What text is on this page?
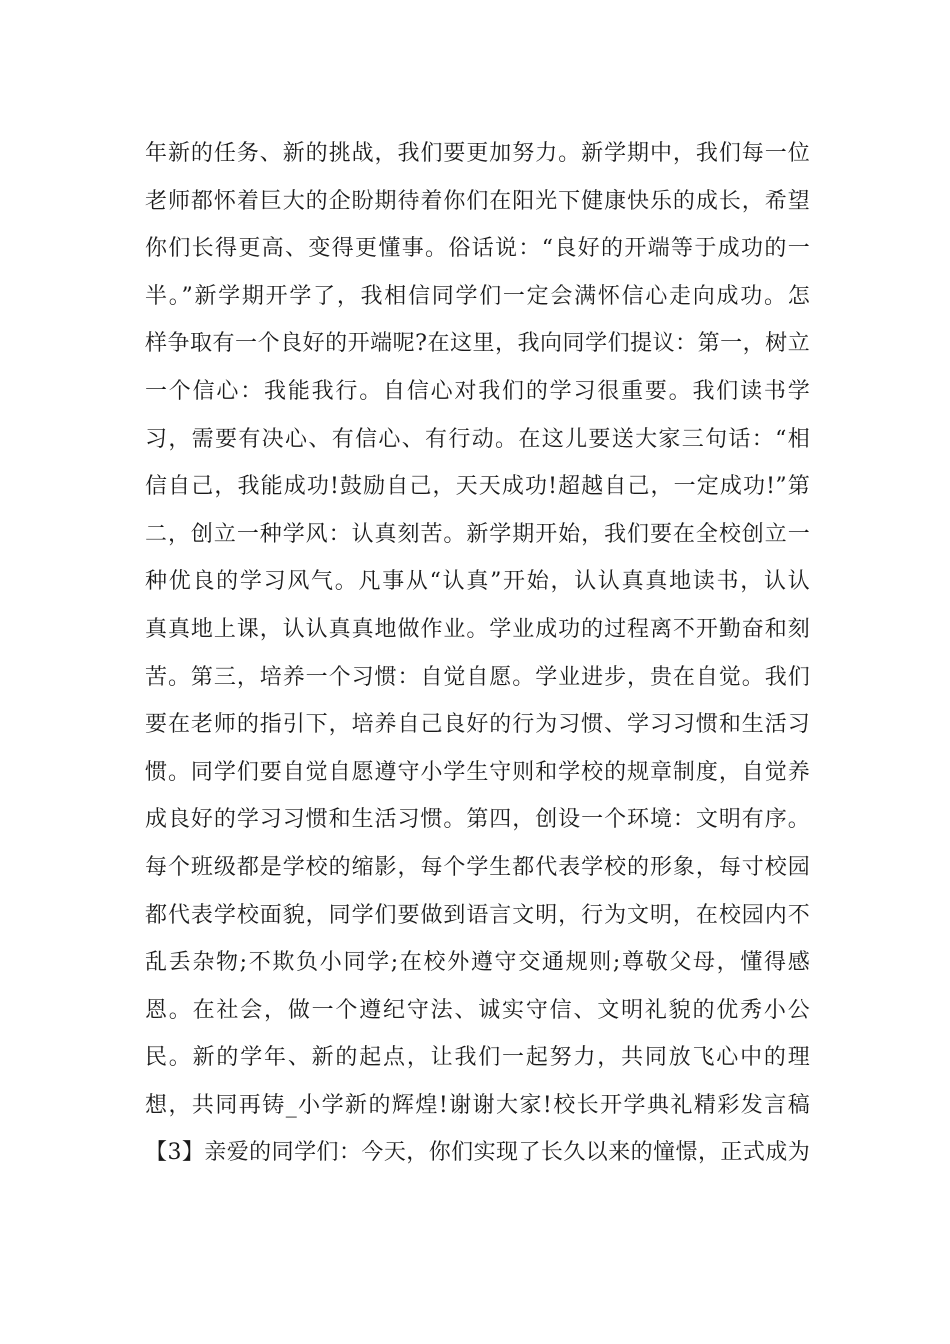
年新的任务、新的挑战，我们要更加努力。新学期中，我们每一位
老师都怀着巨大的企盼期待着你们在阳光下健康快乐的成长，希望
你们长得更高、变得更懂事。俗话说：“良好的开端等于成功的一
半。”新学期开学了，我相信同学们一定会满怀信心走向成功。怎
样争取有一个良好的开端呢?在这里，我向同学们提议：第一，树立
一个信心：我能我行。自信心对我们的学习很重要。我们读书学
习，需要有决心、有信心、有行动。在这儿要送大家三句话：“相
信自己，我能成功!鼓励自己，天天成功!超越自己，一定成功!”第
二，创立一种学风：认真刻苦。新学期开始，我们要在全校创立一
种优良的学习风气。凡事从“认真”开始，认认真真地读书，认认
真真地上课，认认真真地做作业。学业成功的过程离不开勤奋和刻
苦。第三，培养一个习惯：自觉自愿。学业进步，贵在自觉。我们
要在老师的指引下，培养自己良好的行为习惯、学习习惯和生活习
惯。同学们要自觉自愿遵守小学生守则和学校的规章制度，自觉养
成良好的学习习惯和生活习惯。第四，创设一个环境：文明有序。
每个班级都是学校的缩影，每个学生都代表学校的形象，每寸校园
都代表学校面貌，同学们要做到语言文明，行为文明，在校园内不
乱丢杂物;不欺负小同学;在校外遵守交通规则;尊敬父母，懂得感
恩。在社会，做一个遵纪守法、诚实守信、文明礼貌的优秀小公
民。新的学年、新的起点，让我们一起努力，共同放飞心中的理
想，共同再铸_小学新的辉煌!谢谢大家!校长开学典礼精彩发言稿
【3】亲爱的同学们：今天，你们实现了长久以来的憧憬，正式成为
